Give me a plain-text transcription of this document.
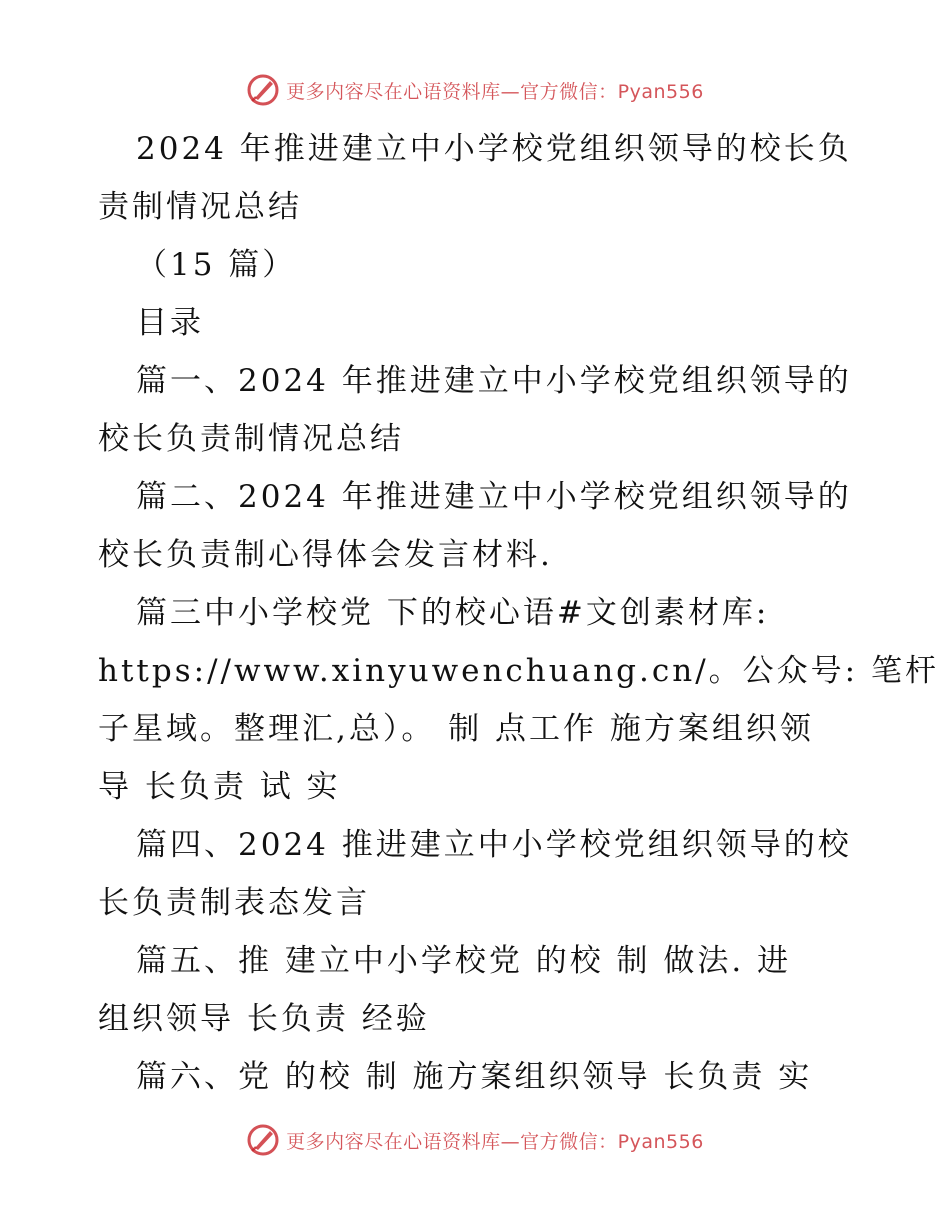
更多内容尽在心语资料库—官方微信：Pyan556
2024 年推进建立中小学校党组织领导的校长负
责制情况总结
（15 篇）
目录
篇一、2024 年推进建立中小学校党组织领导的
校长负责制情况总结
篇二、2024 年推进建立中小学校党组织领导的
校长负责制心得体会发言材料.
篇三中小学校党 下的校心语#文创素材库:
https://www.xinyuwenchuang.cn/。公众号: 笔杆
子星域。整理汇,总）。 制 点工作 施方案组织领
导 长负责 试 实
篇四、2024 推进建立中小学校党组织领导的校
长负责制表态发言
篇五、推 建立中小学校党 的校 制 做法. 进
组织领导 长负责 经验
篇六、党 的校 制 施方案组织领导 长负责 实
更多内容尽在心语资料库—官方微信：Pyan556
